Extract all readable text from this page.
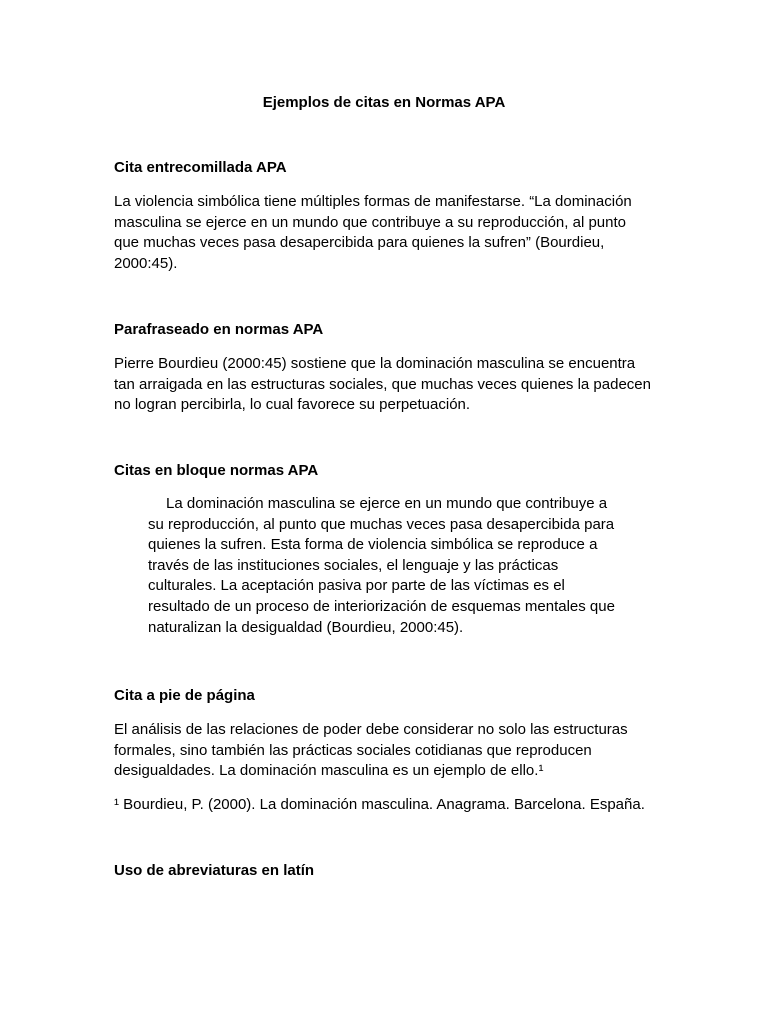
Ejemplos de citas en Normas APA
Cita entrecomillada APA

La violencia simbólica tiene múltiples formas de manifestarse. “La dominación
masculina se ejerce en un mundo que contribuye a su reproducción, al punto
que muchas veces pasa desapercibida para quienes la sufren” (Bourdieu,
2000:45).

Parafraseado en normas APA

Pierre Bourdieu (2000:45) sostiene que la dominación masculina se encuentra
tan arraigada en las estructuras sociales, que muchas veces quienes la padecen
no logran percibirla, lo cual favorece su perpetuación.

Citas en bloque normas APA

La dominación masculina se ejerce en un mundo que contribuye a
su reproducción, al punto que muchas veces pasa desapercibida para
quienes la sufren. Esta forma de violencia simbólica se reproduce a
través de las instituciones sociales, el lenguaje y las prácticas
culturales. La aceptación pasiva por parte de las víctimas es el
resultado de un proceso de interiorización de esquemas mentales que
naturalizan la desigualdad (Bourdieu, 2000:45).

Cita a pie de página

El análisis de las relaciones de poder debe considerar no solo las estructuras
formales, sino también las prácticas sociales cotidianas que reproducen
desigualdades. La dominación masculina es un ejemplo de ello.¹

¹ Bourdieu, P. (2000). La dominación masculina. Anagrama. Barcelona. España.

Uso de abreviaturas en latín
